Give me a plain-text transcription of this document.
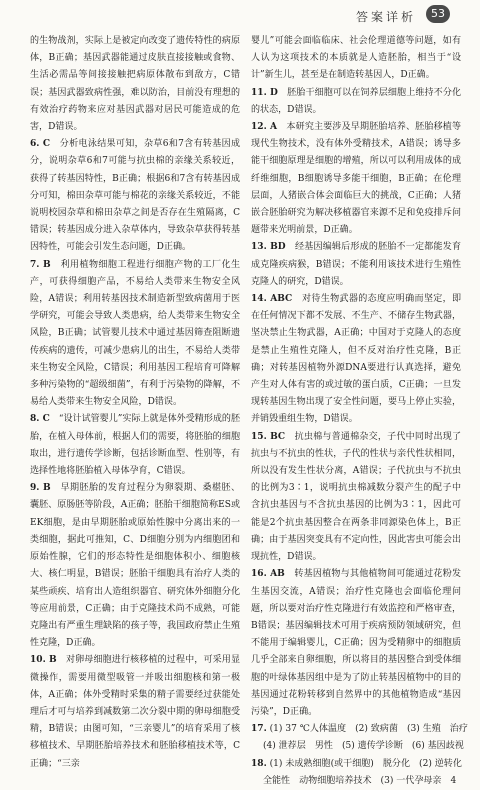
答案详析	53

的生物战剂，实际上是被定向改变了遗传特性的病原体，B正确；基因武器能通过皮肤直接接触或食物、生活必需品等间接接触把病原体散布到敌方，C错误；基因武器致病性强，难以防治，目前没有理想的有效治疗药物来应对基因武器对居民可能造成的危害，D错误。

6. C　 分析电泳结果可知，杂草6和7含有转基因成分，说明杂草6和7可能与抗虫棉的亲缘关系较近，获得了转基因特性，B正确；根据6和7含有转基因成分可知，棉田杂草可能与棉花的亲缘关系较近，不能说明校园杂草和棉田杂草之间是否存在生殖隔离，C错误；转基因成分进入杂草体内，导致杂草获得转基因特性，可能会引发生态问题，D正确。

7. B　 利用植物细胞工程进行细胞产物的工厂化生产，可获得细胞产品，不易给人类带来生物安全风险，A错误；利用转基因技术制造新型致病菌用于医学研究，可能会导致人类患病，给人类带来生物安全风险，B正确；试管婴儿技术中通过基因筛查阻断遗传疾病的遗传，可减少患病儿的出生，不易给人类带来生物安全风险，C错误；利用基因工程培育可降解多种污染物的“超级细菌”，有利于污染物的降解，不易给人类带来生物安全风险，D错误。

8. C　 “设计试管婴儿”实际上就是体外受精形成的胚胎，在植入母体前，根据人们的需要，将胚胎的细胞取出，进行遗传学诊断，包括诊断血型、性别等，有选择性地将胚胎植入母体孕育，C错误。

9. B　 早期胚胎的发育过程分为卵裂期、桑椹胚、囊胚、原肠胚等阶段，A正确；胚胎干细胞简称ES或EK细胞，是由早期胚胎或原始性腺中分离出来的一类细胞，据此可推知，C、D细胞分别为内细胞团和原始性腺，它们的形态特性是细胞体积小、细胞核大、核仁明显，B错误；胚胎干细胞具有治疗人类的某些顽疾、培育出人造组织器官、研究体外细胞分化等应用前景，C正确；由于克隆技术尚不成熟，可能克隆出有严重生理缺陷的孩子等，我国政府禁止生殖性克隆，D正确。

10. B　 对卵母细胞进行核移植的过程中，可采用显微操作，需要用微型吸管一并吸出细胞核和第一极体，A正确；体外受精时采集的精子需要经过获能处理后才可与培养到减数第二次分裂中期的卵母细胞受精，B错误；由图可知，“三亲婴儿”的培育采用了核移植技术、早期胚胎培养技术和胚胎移植技术等，C正确；“三亲

婴儿”可能会面临临床、社会伦理道德等问题，如有人认为这项技术的本质就是人造胚胎，相当于“设计”新生儿，甚至是在制造转基因人，D正确。

11. D　 胚胎干细胞可以在饲养层细胞上维持不分化的状态，D错误。

12. A　 本研究主要涉及早期胚胎培养、胚胎移植等现代生物技术，没有体外受精技术，A错误；诱导多能干细胞原理是细胞的增殖，所以可以利用成体的成纤维细胞，B细胞诱导多能干细胞，B正确；在伦理层面，人猪嵌合体会面临巨大的挑战，C正确；人猪嵌合胚胎研究为解决移植器官来源不足和免疫排斥问题带来光明前景，D正确。

13. BD　 经基因编辑后形成的胚胎不一定都能发育成克隆疾病猴，B错误；不能利用该技术进行生殖性克隆人的研究，D错误。

14. ABC　 对待生物武器的态度应明确而坚定，即在任何情况下都不发展、不生产、不储存生物武器，坚决禁止生物武器，A正确；中国对于克隆人的态度是禁止生殖性克隆人，但不反对治疗性克隆，B正确；对转基因植物外源DNA要进行认真选择，避免产生对人体有害的或过敏的蛋白质，C正确；一旦发现转基因生物出现了安全性问题，要马上停止实验，并销毁重组生物，D错误。

15. BC　 抗虫棉与普通棉杂交，子代中同时出现了抗虫与不抗虫的性状，子代的性状与亲代性状相同，所以没有发生性状分离，A错误；子代抗虫与不抗虫的比例为3∶1，说明抗虫棉减数分裂产生的配子中含抗虫基因与不含抗虫基因的比例为3∶1，因此可能是2个抗虫基因整合在两条非同源染色体上，B正确；由于基因突变具有不定向性，因此害虫可能会出现抗性，D错误。

16. AB　 转基因植物与其他植物间可能通过花粉发生基因交流，A错误；治疗性克隆也会面临伦理问题，所以要对治疗性克隆进行有效监控和严格审查，B错误；基因编辑技术可用于疾病预防领域研究，但不能用于编辑婴儿，C正确；因为受精卵中的细胞质几乎全部来自卵细胞，所以将目的基因整合到受体细胞的叶绿体基因组中是为了防止转基因植物中的目的基因通过花粉转移到自然界中的其他植物造成“基因污染”，D正确。

17. (1) 37 ℃人体温度　(2) 致病菌　(3) 生殖　治疗

　 (4) 泄荐层　男性　(5) 遗传学诊断　(6) 基因歧视

18. (1) 未成熟细胞(或干细胞)　脱分化　(2) 逆转化

　 全能性　动物细胞培养技术　(3) 一代孕母亲　4
